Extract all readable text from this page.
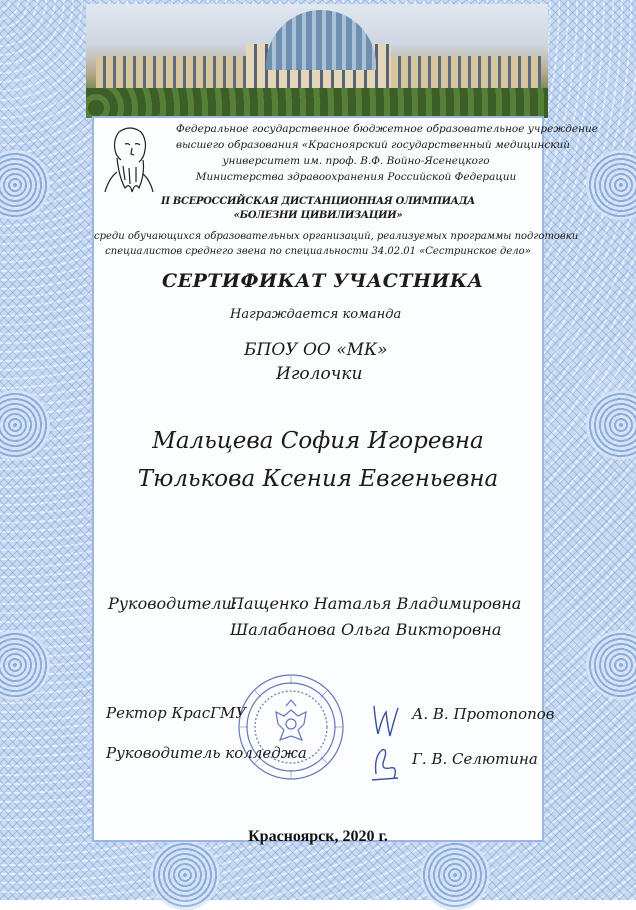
Федеральное государственное бюджетное образовательное учреждение
высшего образования «Красноярский государственный медицинский
университет им. проф. В.Ф. Войно-Ясенецкого
Министерства здравоохранения Российской Федерации
II ВСЕРОССИЙСКАЯ ДИСТАНЦИОННАЯ ОЛИМПИАДА
«БОЛЕЗНИ ЦИВИЛИЗАЦИИ»
среди обучающихся образовательных организаций, реализуемых программы подготовки
специалистов среднего звена по специальности 34.02.01 «Сестринское дело»
СЕРТИФИКАТ УЧАСТНИКА
Награждается команда
БПОУ ОО «МК»
Иголочки
Мальцева София Игоревна
Тюлькова Ксения Евгеньевна
Руководители:
Пащенко Наталья Владимировна
Шалабанова Ольга Викторовна
Ректор КрасГМУ	А. В. Протопопов
Руководитель колледжа	Г. В. Селютина
Красноярск, 2020 г.
